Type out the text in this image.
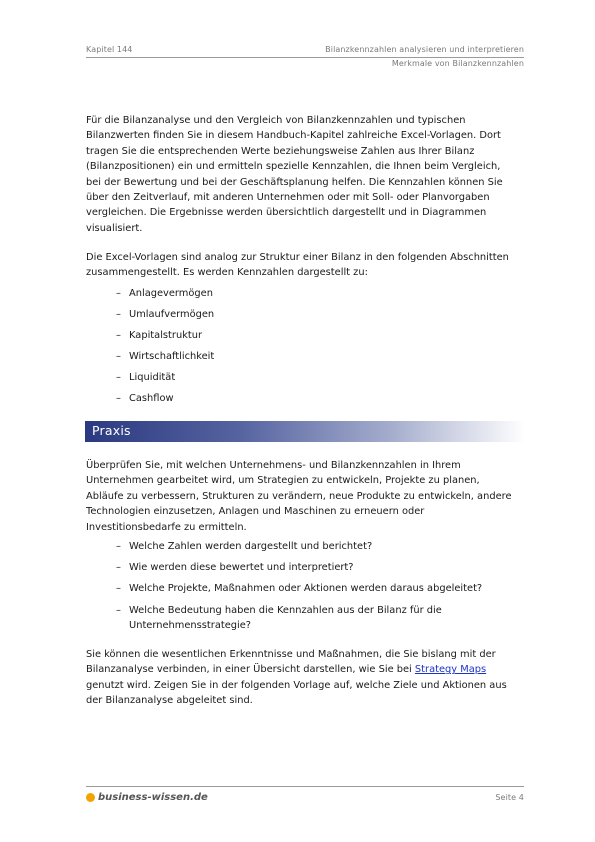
Kapitel 144	Bilanzkennzahlen analysieren und interpretieren
Merkmale von Bilanzkennzahlen

Für die Bilanzanalyse und den Vergleich von Bilanzkennzahlen und typischen

Bilanzwerten finden Sie in diesem Handbuch-Kapitel zahlreiche Excel-Vorlagen. Dort

tragen Sie die entsprechenden Werte beziehungsweise Zahlen aus Ihrer Bilanz

(Bilanzpositionen) ein und ermitteln spezielle Kennzahlen, die Ihnen beim Vergleich,

bei der Bewertung und bei der Geschäftsplanung helfen. Die Kennzahlen können Sie

über den Zeitverlauf, mit anderen Unternehmen oder mit Soll- oder Planvorgaben

vergleichen. Die Ergebnisse werden übersichtlich dargestellt und in Diagrammen

visualisiert.

Die Excel-Vorlagen sind analog zur Struktur einer Bilanz in den folgenden Abschnitten

zusammengestellt. Es werden Kennzahlen dargestellt zu:

– Anlagevermögen
– Umlaufvermögen
– Kapitalstruktur
– Wirtschaftlichkeit
– Liquidität
– Cashflow
Praxis

Überprüfen Sie, mit welchen Unternehmens- und Bilanzkennzahlen in Ihrem

Unternehmen gearbeitet wird, um Strategien zu entwickeln, Projekte zu planen,

Abläufe zu verbessern, Strukturen zu verändern, neue Produkte zu entwickeln, andere

Technologien einzusetzen, Anlagen und Maschinen zu erneuern oder

Investitionsbedarfe zu ermitteln.

– Welche Zahlen werden dargestellt und berichtet?
– Wie werden diese bewertet und interpretiert?
– Welche Projekte, Maßnahmen oder Aktionen werden daraus abgeleitet?
– Welche Bedeutung haben die Kennzahlen aus der Bilanz für die
Unternehmensstrategie?

Sie können die wesentlichen Erkenntnisse und Maßnahmen, die Sie bislang mit der

Bilanzanalyse verbinden, in einer Übersicht darstellen, wie Sie bei Strategy Maps

genutzt wird. Zeigen Sie in der folgenden Vorlage auf, welche Ziele und Aktionen aus

der Bilanzanalyse abgeleitet sind.

business-wissen.de	Seite 4
